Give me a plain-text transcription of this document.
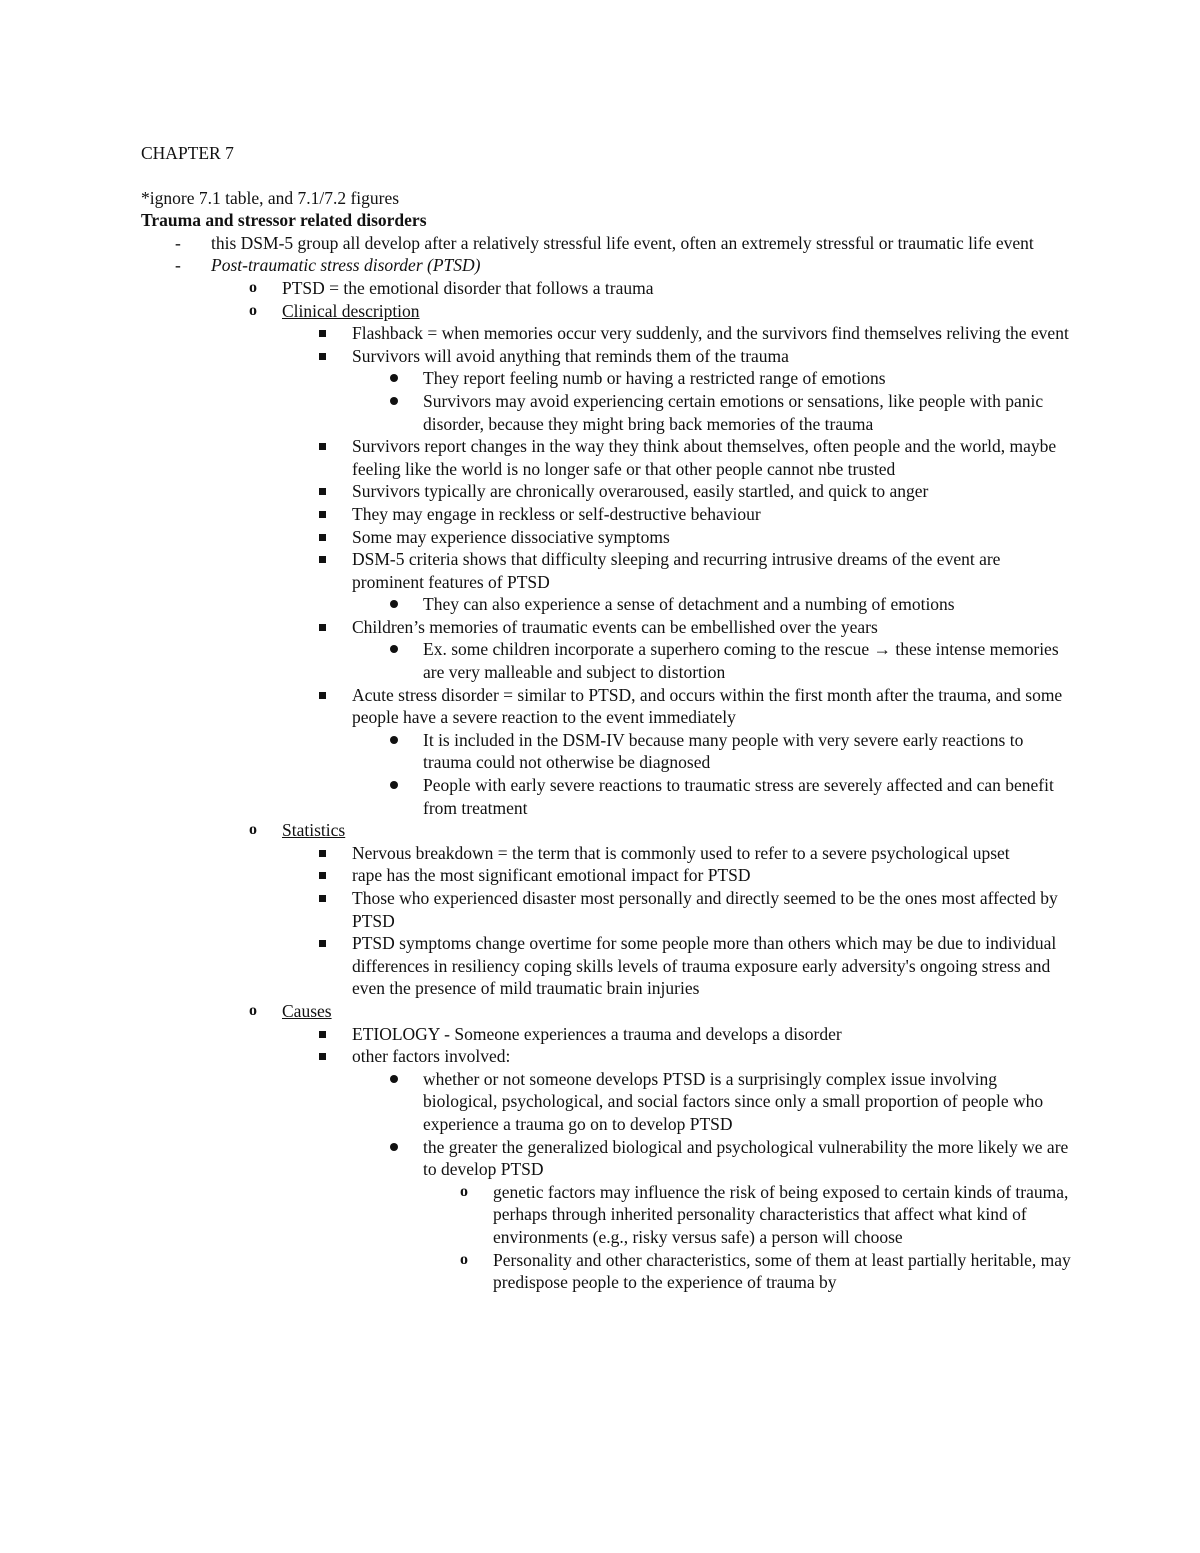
CHAPTER 7

*ignore 7.1 table, and 7.1/7.2 figures

Trauma and stressor related disorders

- this DSM-5 group all develop after a relatively stressful life event, often an extremely stressful or traumatic life event
- Post-traumatic stress disorder (PTSD)
o PTSD = the emotional disorder that follows a trauma
o Clinical description
Flashback = when memories occur very suddenly, and the survivors find themselves reliving the event
Survivors will avoid anything that reminds them of the trauma
They report feeling numb or having a restricted range of emotions
Survivors may avoid experiencing certain emotions or sensations, like people with panic disorder, because they might bring back memories of the trauma
Survivors report changes in the way they think about themselves, often people and the world, maybe feeling like the world is no longer safe or that other people cannot nbe trusted
Survivors typically are chronically overaroused, easily startled, and quick to anger
They may engage in reckless or self-destructive behaviour
Some may experience dissociative symptoms
DSM-5 criteria shows that difficulty sleeping and recurring intrusive dreams of the event are prominent features of PTSD
They can also experience a sense of detachment and a numbing of emotions
Children’s memories of traumatic events can be embellished over the years
Ex. some children incorporate a superhero coming to the rescue → these intense memories are very malleable and subject to distortion
Acute stress disorder = similar to PTSD, and occurs within the first month after the trauma, and some people have a severe reaction to the event immediately
It is included in the DSM-IV because many people with very severe early reactions to trauma could not otherwise be diagnosed
People with early severe reactions to traumatic stress are severely affected and can benefit from treatment
o Statistics
Nervous breakdown = the term that is commonly used to refer to a severe psychological upset
rape has the most significant emotional impact for PTSD
Those who experienced disaster most personally and directly seemed to be the ones most affected by PTSD
PTSD symptoms change overtime for some people more than others which may be due to individual differences in resiliency coping skills levels of trauma exposure early adversity's ongoing stress and even the presence of mild traumatic brain injuries
o Causes
ETIOLOGY - Someone experiences a trauma and develops a disorder
other factors involved:
whether or not someone develops PTSD is a surprisingly complex issue involving biological, psychological, and social factors since only a small proportion of people who experience a trauma go on to develop PTSD
the greater the generalized biological and psychological vulnerability the more likely we are to develop PTSD
o genetic factors may influence the risk of being exposed to certain kinds of trauma, perhaps through inherited personality characteristics that affect what kind of environments (e.g., risky versus safe) a person will choose
o Personality and other characteristics, some of them at least partially heritable, may predispose people to the experience of trauma by
